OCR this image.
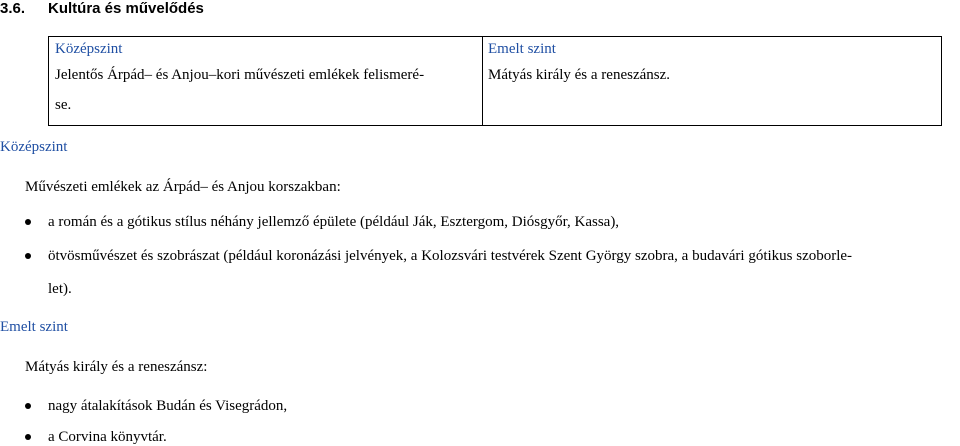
3.6. Kultúra és művelődés
Középszint
Jelentős Árpád– és Anjou–kori művészeti emlékek felismeré-
se.
Emelt szint
Mátyás király és a reneszánsz.
Középszint
Művészeti emlékek az Árpád– és Anjou korszakban:
a román és a gótikus stílus néhány jellemző épülete (például Ják, Esztergom, Diósgyőr, Kassa),
ötvösművészet és szobrászat (például koronázási jelvények, a Kolozsvári testvérek Szent György szobra, a budavári gótikus szoborle-
let).
Emelt szint
Mátyás király és a reneszánsz:
nagy átalakítások Budán és Visegrádon,
a Corvina könyvtár.
